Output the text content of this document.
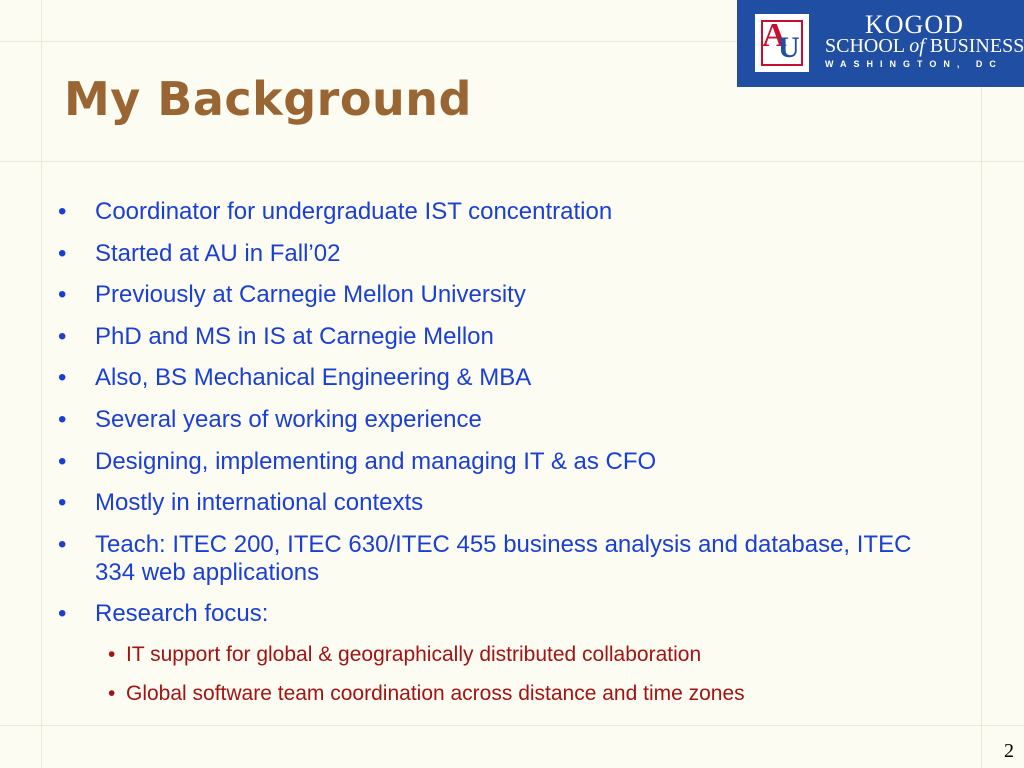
My Background
A
U
KOGOD
SCHOOL of BUSINESS
WASHINGTON, DC
• Coordinator for undergraduate IST concentration
• Started at AU in Fall’02
• Previously at Carnegie Mellon University
• PhD and MS in IS at Carnegie Mellon
• Also, BS Mechanical Engineering & MBA
• Several years of working experience
• Designing, implementing and managing IT & as CFO
• Mostly in international contexts
• Teach: ITEC 200, ITEC 630/ITEC 455 business analysis and database, ITEC 334 web applications
• Research focus:
• IT support for global & geographically distributed collaboration
• Global software team coordination across distance and time zones
2
